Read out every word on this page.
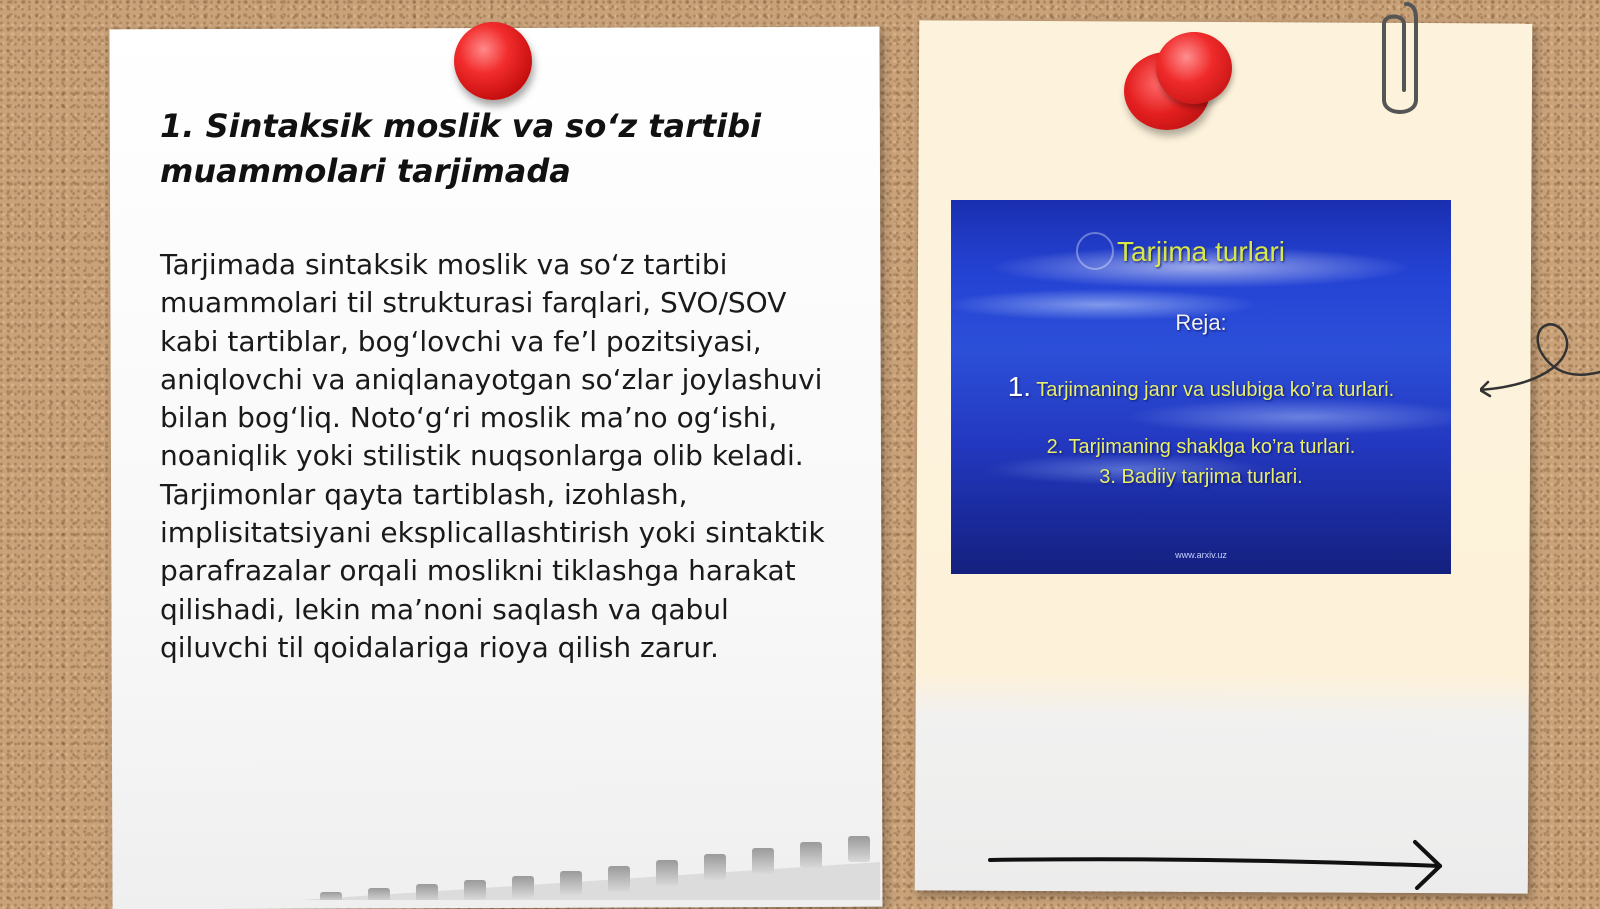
1. Sintaksik moslik va so‘z tartibi muammolari tarjimada

Tarjimada sintaksik moslik va so‘z tartibi muammolari til strukturasi farqlari, SVO/SOV kabi tartiblar, bog‘lovchi va fe’l pozitsiyasi, aniqlovchi va aniqlanayotgan so‘zlar joylashuvi bilan bog‘liq. Noto‘g‘ri moslik ma’no og‘ishi, noaniqlik yoki stilistik nuqsonlarga olib keladi. Tarjimonlar qayta tartiblash, izohlash, implisitatsiyani eksplicallashtirish yoki sintaktik parafrazalar orqali moslikni tiklashga harakat qilishadi, lekin ma’noni saqlash va qabul qiluvchi til qoidalariga rioya qilish zarur.

Tarjima turlari
Reja:
1. Tarjimaning janr va uslubiga ko’ra turlari.
2. Tarjimaning shaklga ko’ra turlari.
3. Badiiy tarjima turlari.
www.arxiv.uz
